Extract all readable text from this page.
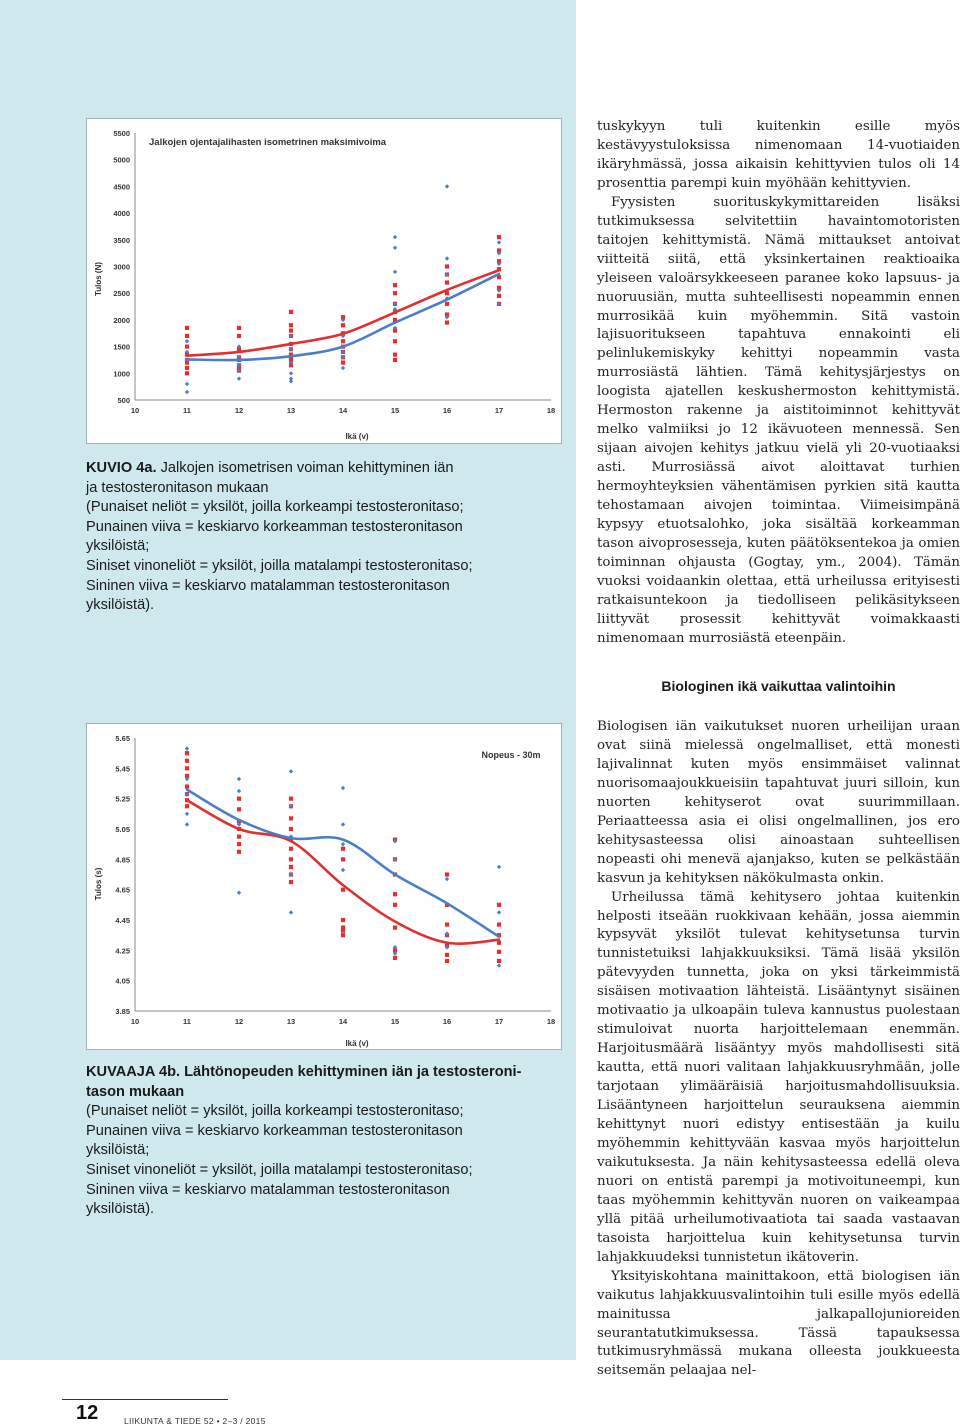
500
1000
1500
2000
2500
3000
3500
4000
4500
5000
5500
10	11	12	13	14	15	16	17	18
Jalkojen ojentajalihasten isometrinen maksimivoima
Ikä (v)
Tulos (N)

KUVIO 4a. Jalkojen isometrisen voiman kehittyminen iän

ja testosteronitason mukaan

(Punaiset neliöt = yksilöt, joilla korkeampi testosteronitaso;

Punainen viiva = keskiarvo korkeamman testosteronitason

yksilöistä;

Siniset vinoneliöt = yksilöt, joilla matalampi testosteronitaso;

Sininen viiva = keskiarvo matalamman testosteronitason

yksilöistä).

3.85
4.05
4.25
4.45
4.65
4.85
5.05
5.25
5.45
5.65
10	11	12	13	14	15	16	17	18
Nopeus - 30m
Ikä (v)
Tulos (s)

KUVAAJA 4b. Lähtönopeuden kehittyminen iän ja testosteroni-

tason mukaan

(Punaiset neliöt = yksilöt, joilla korkeampi testosteronitaso;

Punainen viiva = keskiarvo korkeamman testosteronitason

yksilöistä;

Siniset vinoneliöt = yksilöt, joilla matalampi testosteronitaso;

Sininen viiva = keskiarvo matalamman testosteronitason

yksilöistä).

tuskykyyn tuli kuitenkin esille myös kestävyystuloksissa nimenomaan 14-vuotiaiden ikäryhmässä, jossa aikaisin kehittyvien tulos oli 14 prosenttia parempi kuin myöhään kehittyvien.

Fyysisten suorituskykymittareiden lisäksi tutkimuksessa selvitettiin havaintomotoristen taitojen kehittymistä. Nämä mittaukset antoivat viitteitä siitä, että yksinkertainen reaktioaika yleiseen valoärsykkeeseen paranee koko lapsuus- ja nuoruusiän, mutta suhteellisesti nopeammin ennen murrosikää kuin myöhemmin. Sitä vastoin lajisuoritukseen tapahtuva ennakointi eli pelinlukemiskyky kehittyi nopeammin vasta murrosiästä lähtien. Tämä kehitysjärjestys on loogista ajatellen keskushermoston kehittymistä. Hermoston rakenne ja aistitoiminnot kehittyvät melko valmiiksi jo 12 ikävuoteen mennessä. Sen sijaan aivojen kehitys jatkuu vielä yli 20-vuotiaaksi asti. Murrosiässä aivot aloittavat turhien hermoyhteyksien vähentämisen pyrkien sitä kautta tehostamaan aivojen toimintaa. Viimeisimpänä kypsyy etuotsalohko, joka sisältää korkeamman tason aivoprosesseja, kuten päätöksentekoa ja omien toiminnan ohjausta (Gogtay, ym., 2004). Tämän vuoksi voidaankin olettaa, että urheilussa erityisesti ratkaisuntekoon ja tiedolliseen pelikäsitykseen liittyvät prosessit kehittyvät voimakkaasti nimenomaan murrosiästä eteenpäin.

Biologinen ikä vaikuttaa valintoihin

Biologisen iän vaikutukset nuoren urheilijan uraan ovat siinä mielessä ongelmalliset, että monesti lajivalinnat kuten myös ensimmäiset valinnat nuorisomaajoukkueisiin tapahtuvat juuri silloin, kun nuorten kehityserot ovat suurimmillaan. Periaatteessa asia ei olisi ongelmallinen, jos ero kehitysasteessa olisi ainoastaan suhteellisen nopeasti ohi menevä ajanjakso, kuten se pelkästään kasvun ja kehityksen näkökulmasta onkin.

Urheilussa tämä kehitysero johtaa kuitenkin helposti itseään ruokkivaan kehään, jossa aiemmin kypsyvät yksilöt tulevat kehitysetunsa turvin tunnistetuiksi lahjakkuuksiksi. Tämä lisää yksilön pätevyyden tunnetta, joka on yksi tärkeimmistä sisäisen motivaation lähteistä. Lisääntynyt sisäinen motivaatio ja ulkoapäin tuleva kannustus puolestaan stimuloivat nuorta harjoittelemaan enemmän. Harjoitusmäärä lisääntyy myös mahdollisesti sitä kautta, että nuori valitaan lahjakkuusryhmään, jolle tarjotaan ylimääräisiä harjoitusmahdollisuuksia. Lisääntyneen harjoittelun seurauksena aiemmin kehittynyt nuori edistyy entisestään ja kuilu myöhemmin kehittyvään kasvaa myös harjoittelun vaikutuksesta. Ja näin kehitysasteessa edellä oleva nuori on entistä parempi ja motivoituneempi, kun taas myöhemmin kehittyvän nuoren on vaikeampaa yllä pitää urheilumotivaatiota tai saada vastaavan tasoista harjoittelua kuin kehitysetunsa turvin lahjakkuudeksi tunnistetun ikätoverin.

Yksityiskohtana mainittakoon, että biologisen iän vaikutus lahjakkuusvalintoihin tuli esille myös edellä mainitussa jalkapallojunioreiden seurantatutkimuksessa. Tässä tapauksessa tutkimusryhmässä mukana olleesta joukkueesta seitsemän pelaajaa nel-

12	LIIKUNTA & TIEDE 52 • 2–3 / 2015
